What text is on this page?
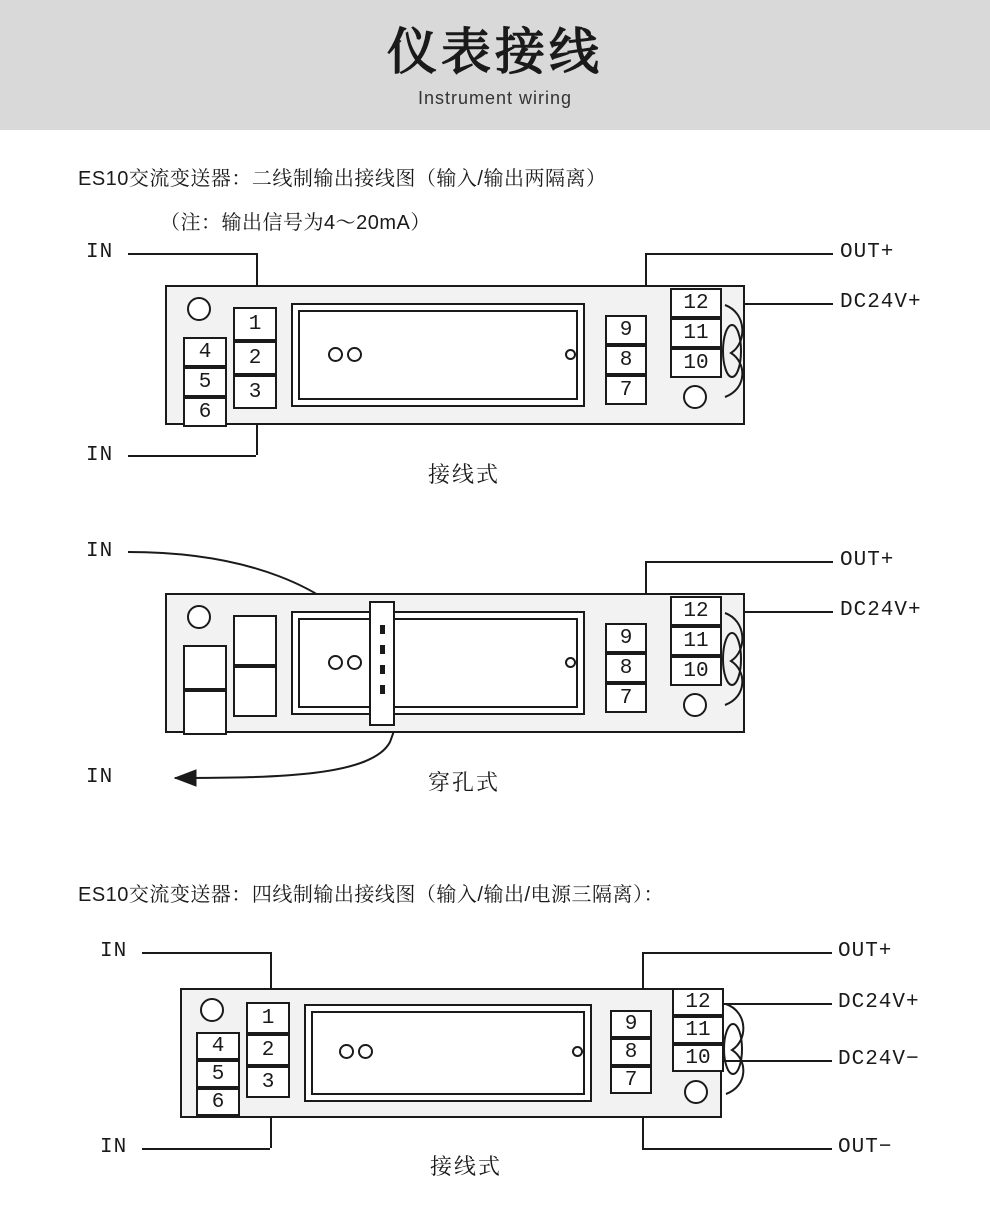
仪表接线
Instrument wiring
ES10交流变送器：二线制输出接线图（输入/输出两隔离）
（注：输出信号为4～20mA）
IN
IN
OUT+
DC24V+
4
5
6
1
2
3
9
8
7
12
11
10
接线式
IN
IN
OUT+
DC24V+
9
8
7
12
11
10
穿孔式
ES10交流变送器：四线制输出接线图（输入/输出/电源三隔离）：
IN
IN
OUT+
DC24V+
DC24V−
OUT−
4
5
6
1
2
3
9
8
7
12
11
10
接线式
